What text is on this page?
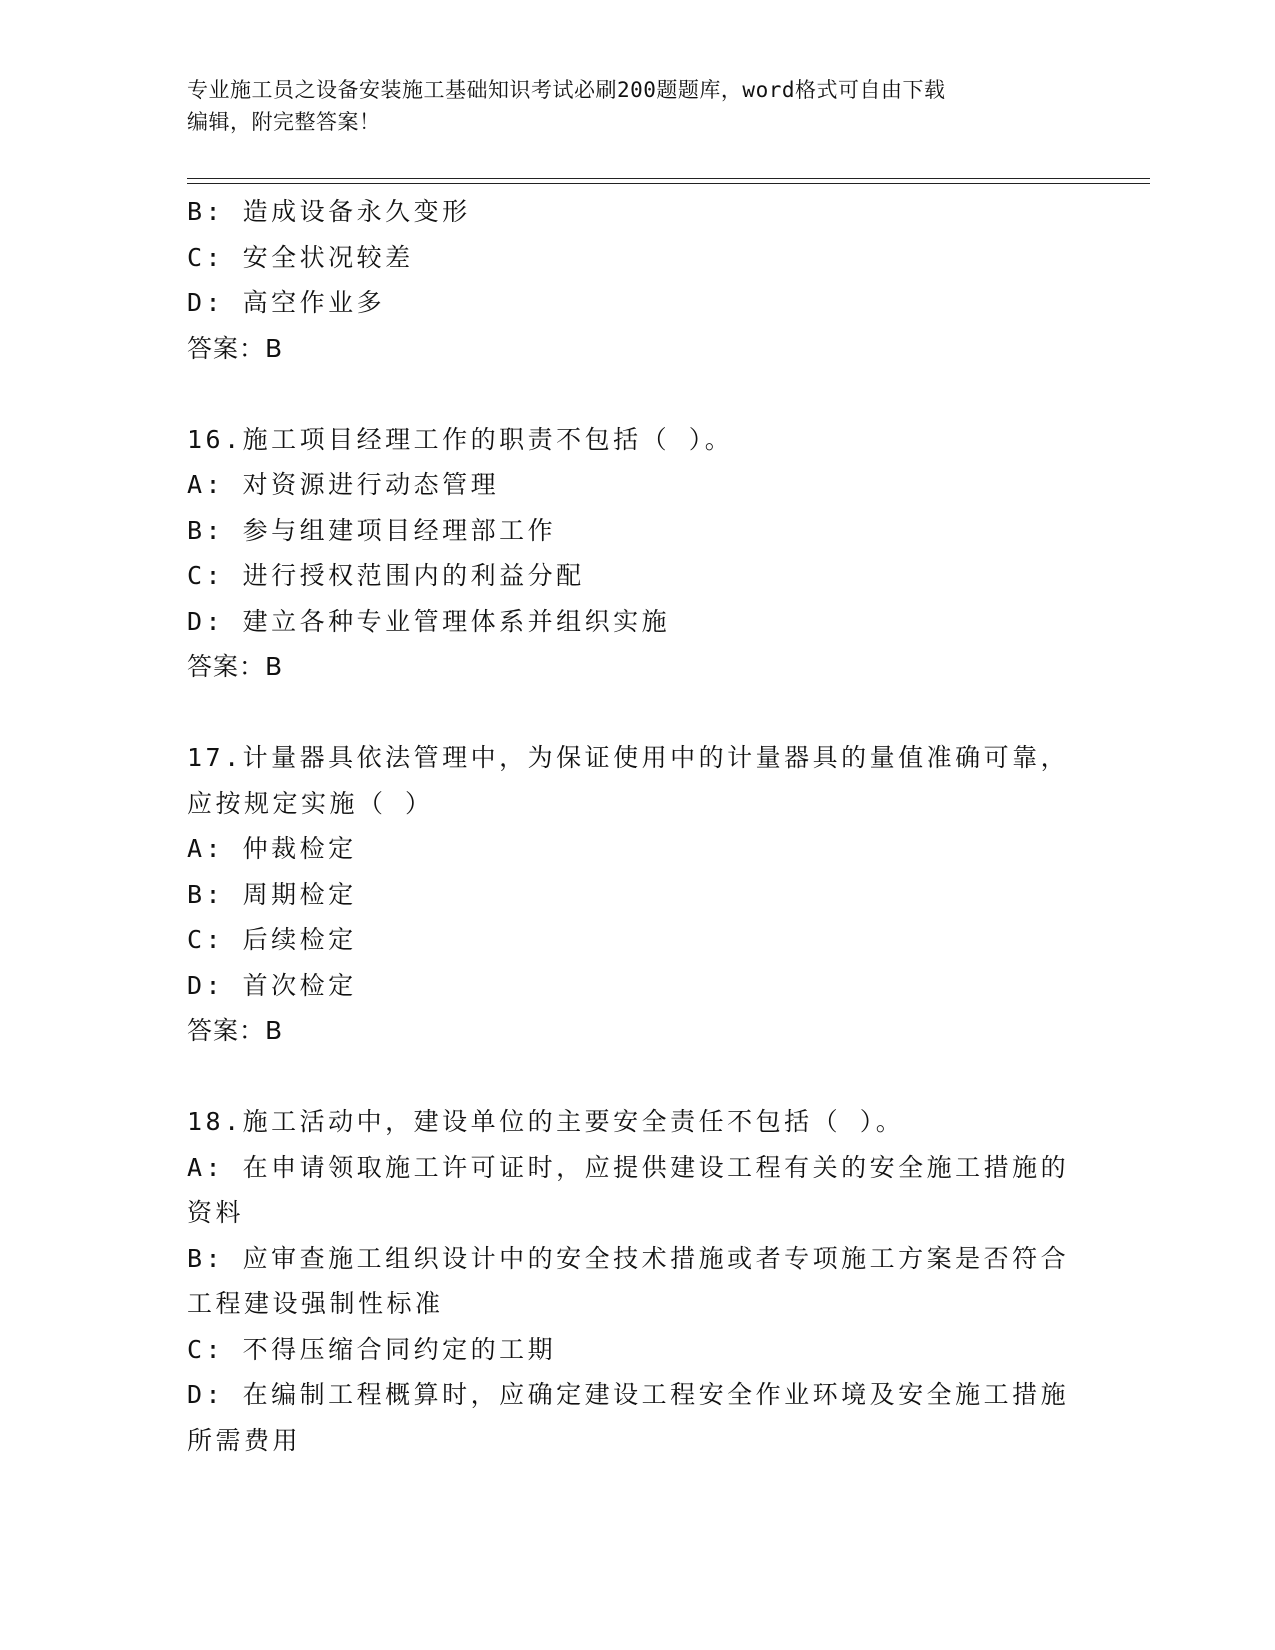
专业施工员之设备安装施工基础知识考试必刷200题题库，word格式可自由下载
编辑，附完整答案！
B: 造成设备永久变形
C: 安全状况较差
D: 高空作业多
答案：B
16.施工项目经理工作的职责不包括（ ）。
A: 对资源进行动态管理
B: 参与组建项目经理部工作
C: 进行授权范围内的利益分配
D: 建立各种专业管理体系并组织实施
答案：B
17.计量器具依法管理中，为保证使用中的计量器具的量值准确可靠，
应按规定实施（ ）
A: 仲裁检定
B: 周期检定
C: 后续检定
D: 首次检定
答案：B
18.施工活动中，建设单位的主要安全责任不包括（ ）。
A: 在申请领取施工许可证时，应提供建设工程有关的安全施工措施的
资料
B: 应审查施工组织设计中的安全技术措施或者专项施工方案是否符合
工程建设强制性标准
C: 不得压缩合同约定的工期
D: 在编制工程概算时，应确定建设工程安全作业环境及安全施工措施
所需费用
